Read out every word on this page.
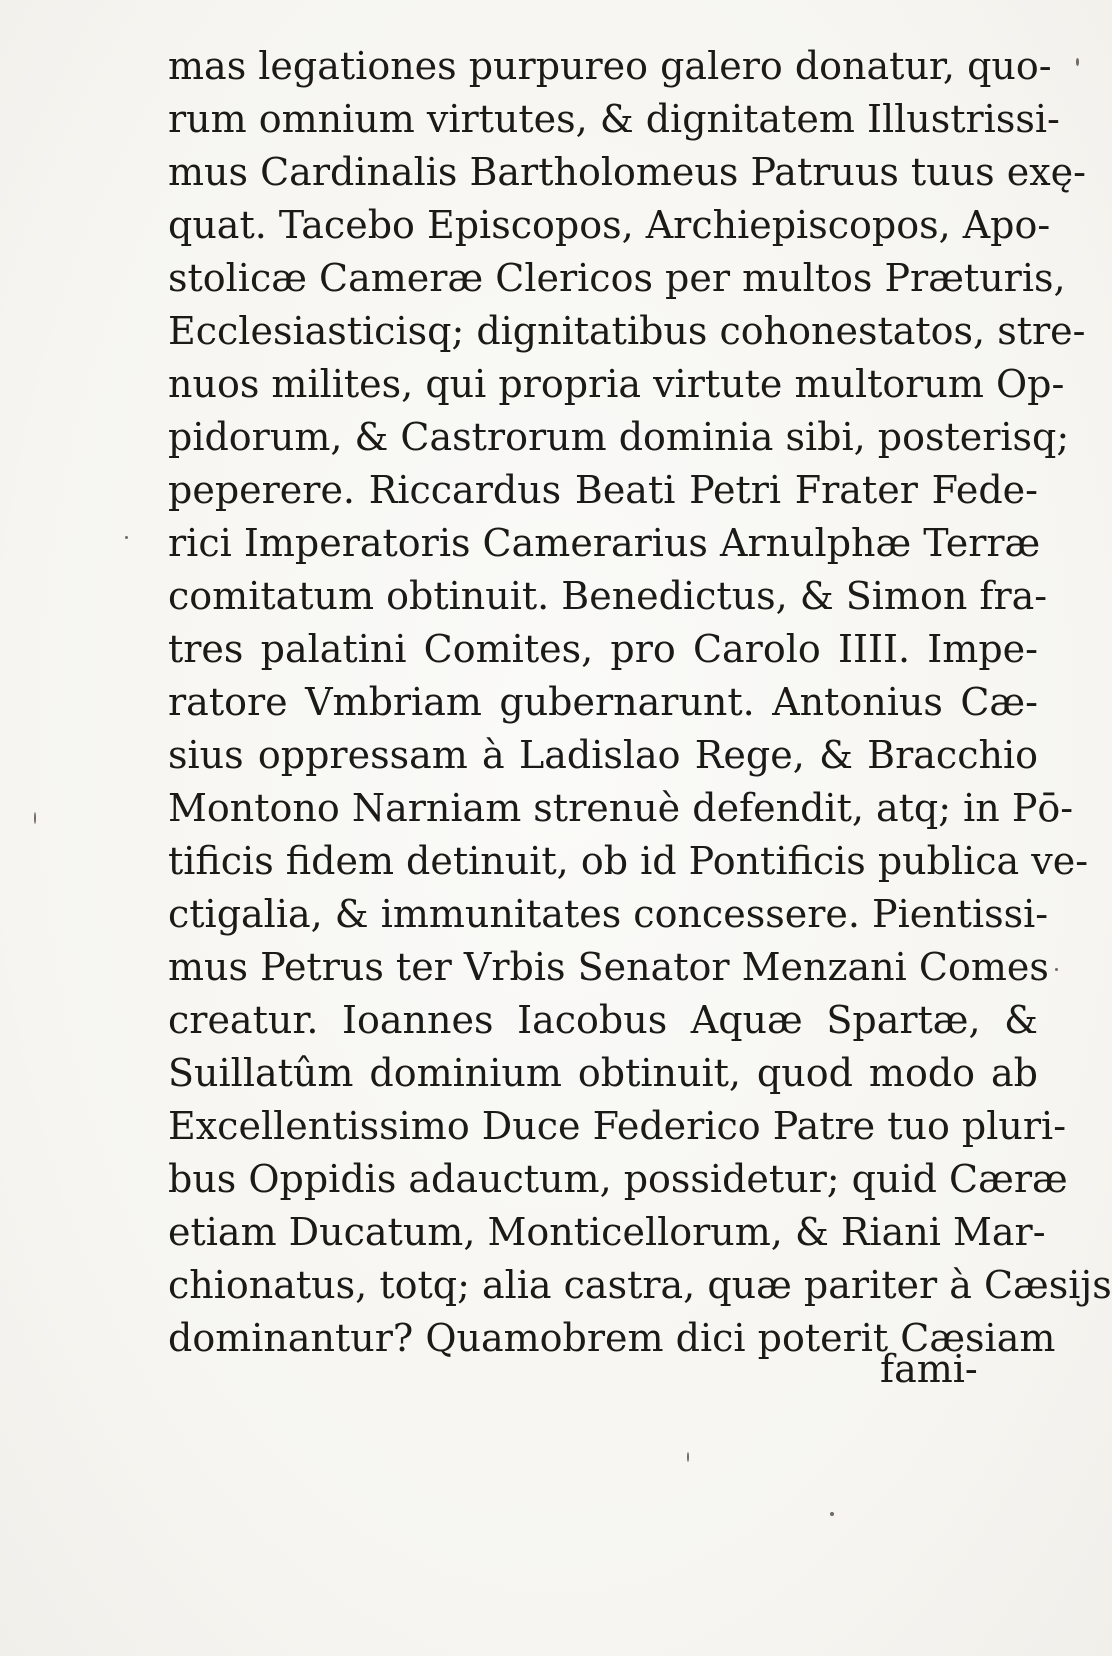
mas legationes purpureo galero donatur, quo-
rum omnium virtutes, & dignitatem Illustrissi-
mus Cardinalis Bartholomeus Patruus tuus exę-
quat. Tacebo Episcopos, Archiepiscopos, Apo-
stolicæ Cameræ Clericos per multos Præturis,
Ecclesiasticisq; dignitatibus cohonestatos, stre-
nuos milites, qui propria virtute multorum Op-
pidorum, & Castrorum dominia sibi, posterisq;
peperere. Riccardus Beati Petri Frater Fede-
rici Imperatoris Camerarius Arnulphæ Terræ
comitatum obtinuit. Benedictus, & Simon fra-
tres palatini Comites, pro Carolo IIII. Impe-
ratore Vmbriam gubernarunt. Antonius Cæ-
sius oppressam à Ladislao Rege, & Bracchio
Montono Narniam strenuè defendit, atq; in Pō-
tificis fidem detinuit, ob id Pontificis publica ve-
ctigalia, & immunitates concessere. Pientissi-
mus Petrus ter Vrbis Senator Menzani Comes
creatur. Ioannes Iacobus Aquæ Spartæ, &
Suillatûm dominium obtinuit, quod modo ab
Excellentissimo Duce Federico Patre tuo pluri-
bus Oppidis adauctum, possidetur; quid Cæræ
etiam Ducatum, Monticellorum, & Riani Mar-
chionatus, totq; alia castra, quæ pariter à Cæsijs
dominantur? Quamobrem dici poterit Cæsiam
fami-
